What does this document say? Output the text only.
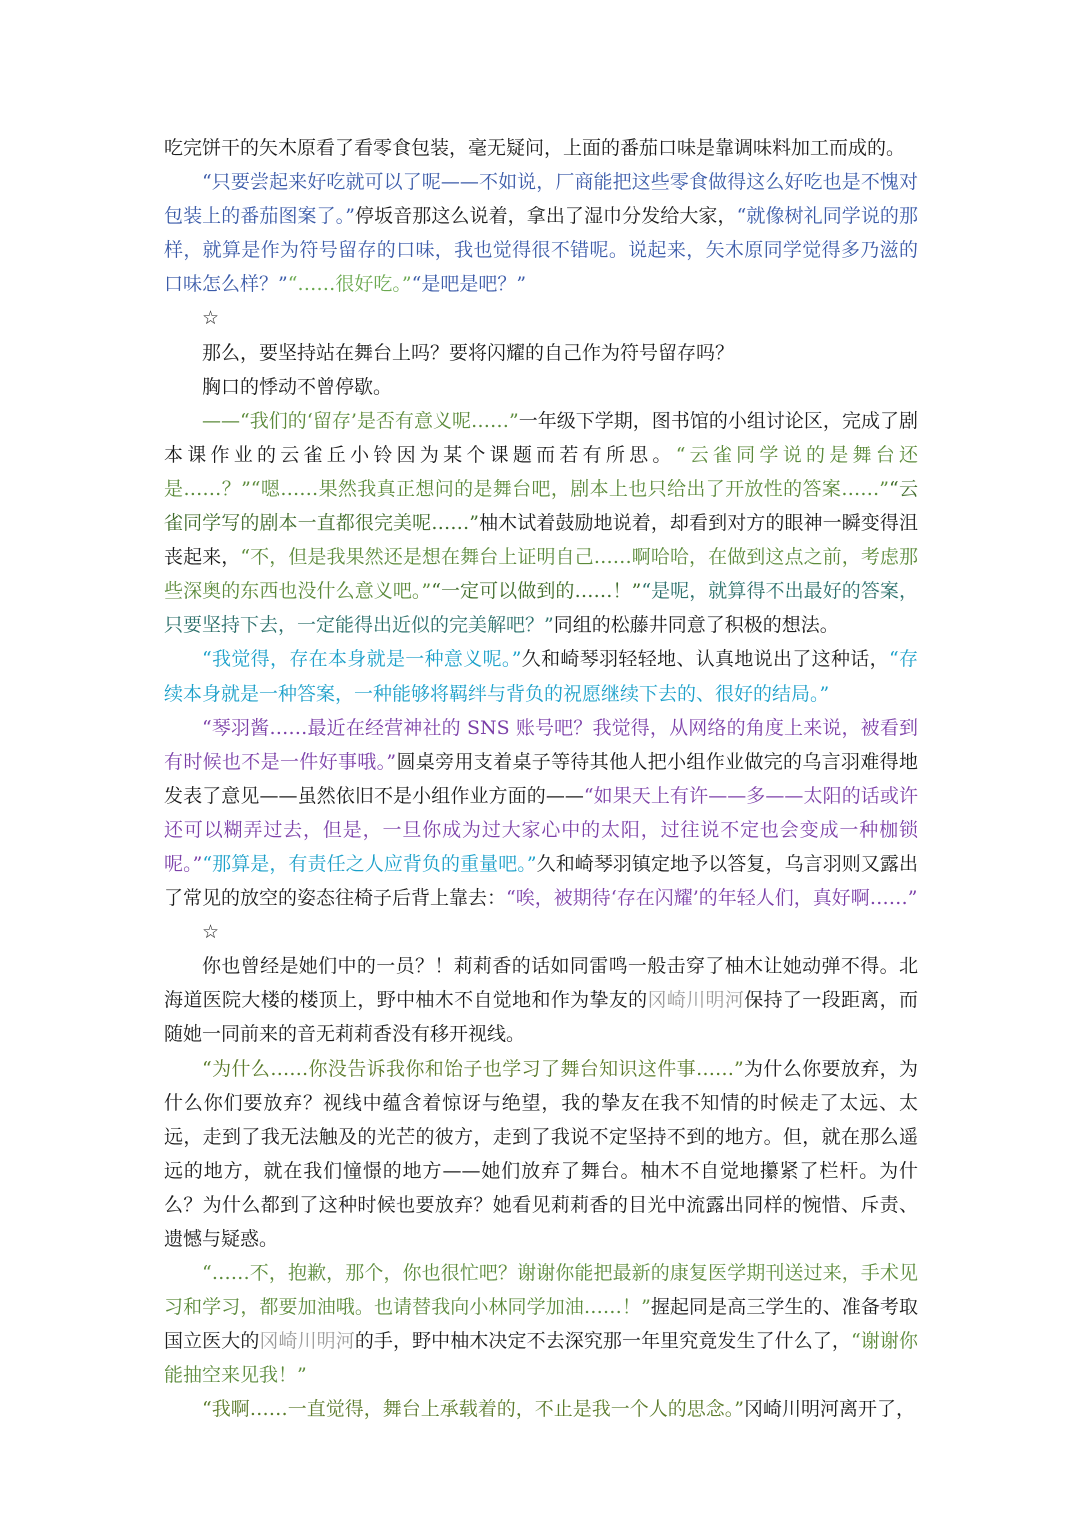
吃完饼干的矢木原看了看零食包装，毫无疑问，上面的番茄口味是靠调味料加工而成的。

“只要尝起来好吃就可以了呢——不如说，厂商能把这些零食做得这么好吃也是不愧对包装上的番茄图案了。”停坂音那这么说着，拿出了湿巾分发给大家，“就像树礼同学说的那样，就算是作为符号留存的口味，我也觉得很不错呢。说起来，矢木原同学觉得多乃滋的口味怎么样？”“……很好吃。”“是吧是吧？”

☆

那么，要坚持站在舞台上吗？要将闪耀的自己作为符号留存吗？

胸口的悸动不曾停歇。

——“我们的‘留存’是否有意义呢……”一年级下学期，图书馆的小组讨论区，完成了剧本课作业的云雀丘小铃因为某个课题而若有所思。“云雀同学说的是舞台还是……？”“嗯……果然我真正想问的是舞台吧，剧本上也只给出了开放性的答案……”“云雀同学写的剧本一直都很完美呢……”柚木试着鼓励地说着，却看到对方的眼神一瞬变得沮丧起来，“不，但是我果然还是想在舞台上证明自己……啊哈哈，在做到这点之前，考虑那些深奥的东西也没什么意义吧。”“一定可以做到的……！”“是呢，就算得不出最好的答案，只要坚持下去，一定能得出近似的完美解吧？”同组的松藤井同意了积极的想法。

“我觉得，存在本身就是一种意义呢。”久和崎琴羽轻轻地、认真地说出了这种话，“存续本身就是一种答案，一种能够将羁绊与背负的祝愿继续下去的、很好的结局。”

“琴羽酱……最近在经营神社的 SNS 账号吧？我觉得，从网络的角度上来说，被看到有时候也不是一件好事哦。”圆桌旁用支着桌子等待其他人把小组作业做完的乌言羽难得地发表了意见——虽然依旧不是小组作业方面的——“如果天上有许——多——太阳的话或许还可以糊弄过去，但是，一旦你成为过大家心中的太阳，过往说不定也会变成一种枷锁呢。”“那算是，有责任之人应背负的重量吧。”久和崎琴羽镇定地予以答复，乌言羽则又露出了常见的放空的姿态往椅子后背上靠去：“唉，被期待‘存在闪耀’的年轻人们，真好啊……”

☆

你也曾经是她们中的一员？！莉莉香的话如同雷鸣一般击穿了柚木让她动弹不得。北海道医院大楼的楼顶上，野中柚木不自觉地和作为挚友的冈崎川明河保持了一段距离，而随她一同前来的音无莉莉香没有移开视线。

“为什么……你没告诉我你和饴子也学习了舞台知识这件事……”为什么你要放弃，为什么你们要放弃？视线中蕴含着惊讶与绝望，我的挚友在我不知情的时候走了太远、太远，走到了我无法触及的光芒的彼方，走到了我说不定坚持不到的地方。但，就在那么遥远的地方，就在我们憧憬的地方——她们放弃了舞台。柚木不自觉地攥紧了栏杆。为什么？为什么都到了这种时候也要放弃？她看见莉莉香的目光中流露出同样的惋惜、斥责、遗憾与疑惑。

“……不，抱歉，那个，你也很忙吧？谢谢你能把最新的康复医学期刊送过来，手术见习和学习，都要加油哦。也请替我向小林同学加油……！”握起同是高三学生的、准备考取国立医大的冈崎川明河的手，野中柚木决定不去深究那一年里究竟发生了什么了，“谢谢你能抽空来见我！”

“我啊……一直觉得，舞台上承载着的，不止是我一个人的思念。”冈崎川明河离开了，
